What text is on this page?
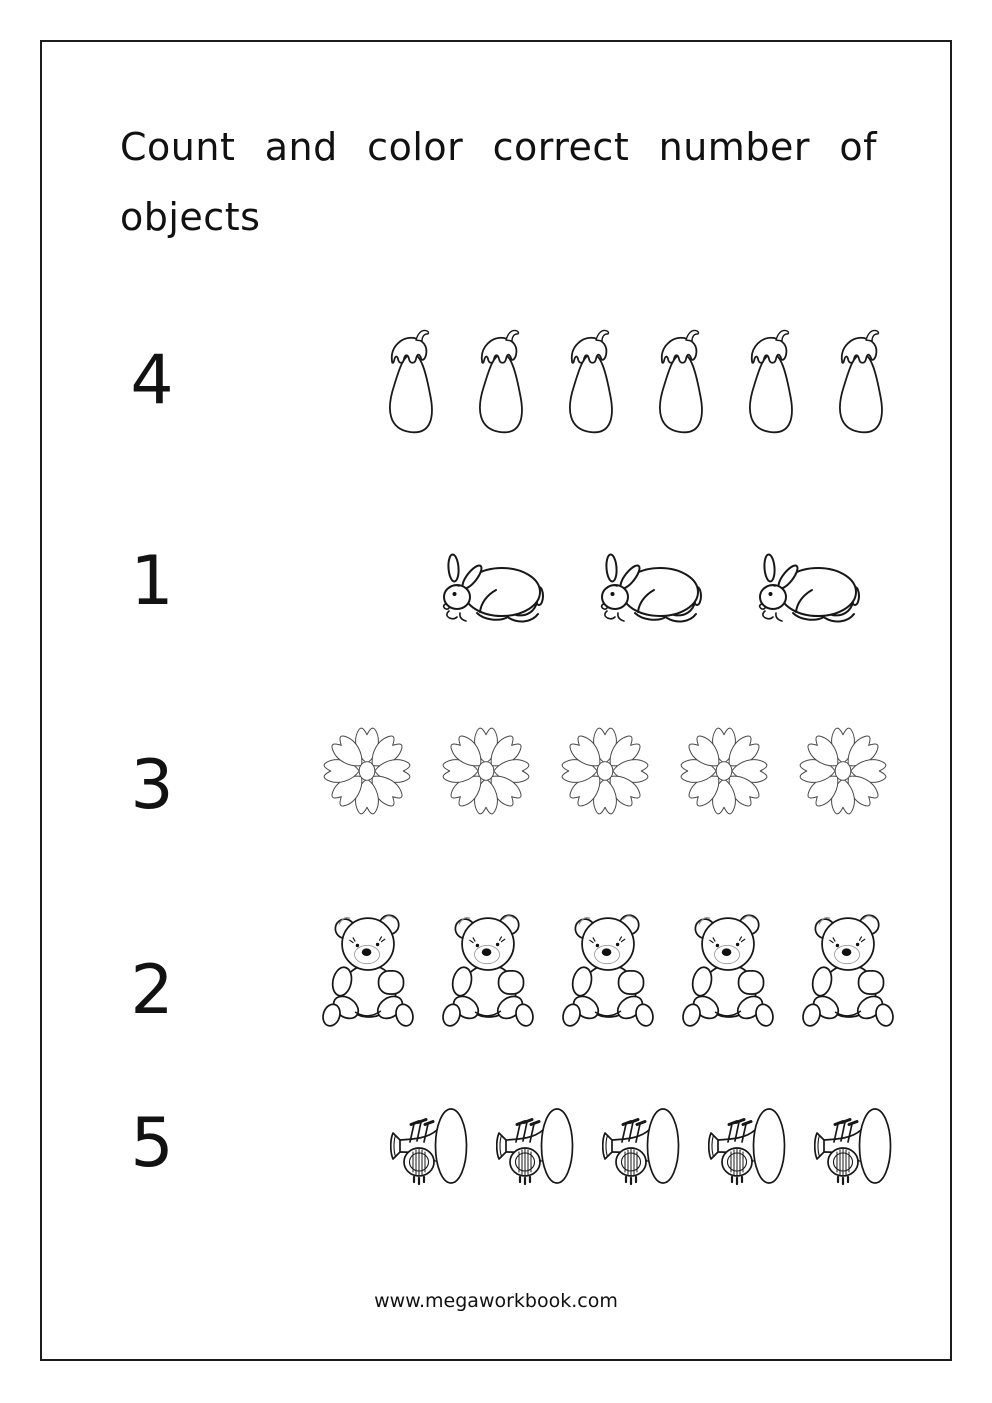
Count and color correct number of
objects
4
1
3
2
5
www.megaworkbook.com
